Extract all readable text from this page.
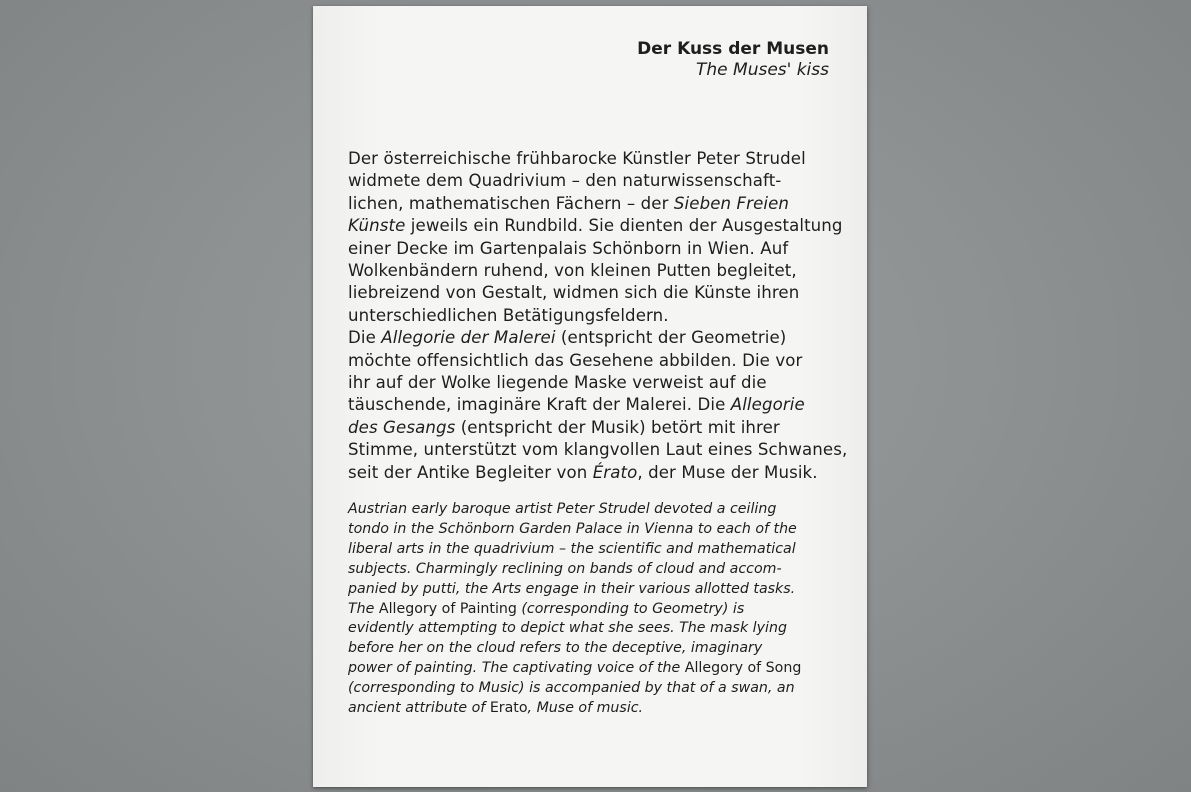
Der Kuss der Musen
The Muses' kiss
Der österreichische frühbarocke Künstler Peter Strudel
widmete dem Quadrivium – den naturwissenschaft-
lichen, mathematischen Fächern – der Sieben Freien
Künste jeweils ein Rundbild. Sie dienten der Ausgestaltung
einer Decke im Gartenpalais Schönborn in Wien. Auf
Wolkenbändern ruhend, von kleinen Putten begleitet,
liebreizend von Gestalt, widmen sich die Künste ihren
unterschiedlichen Betätigungsfeldern.
Die Allegorie der Malerei (entspricht der Geometrie)
möchte offensichtlich das Gesehene abbilden. Die vor
ihr auf der Wolke liegende Maske verweist auf die
täuschende, imaginäre Kraft der Malerei. Die Allegorie
des Gesangs (entspricht der Musik) betört mit ihrer
Stimme, unterstützt vom klangvollen Laut eines Schwanes,
seit der Antike Begleiter von Érato, der Muse der Musik.
Austrian early baroque artist Peter Strudel devoted a ceiling
tondo in the Schönborn Garden Palace in Vienna to each of the
liberal arts in the quadrivium – the scientific and mathematical
subjects. Charmingly reclining on bands of cloud and accom-
panied by putti, the Arts engage in their various allotted tasks.
The Allegory of Painting (corresponding to Geometry) is
evidently attempting to depict what she sees. The mask lying
before her on the cloud refers to the deceptive, imaginary
power of painting. The captivating voice of the Allegory of Song
(corresponding to Music) is accompanied by that of a swan, an
ancient attribute of Erato, Muse of music.
